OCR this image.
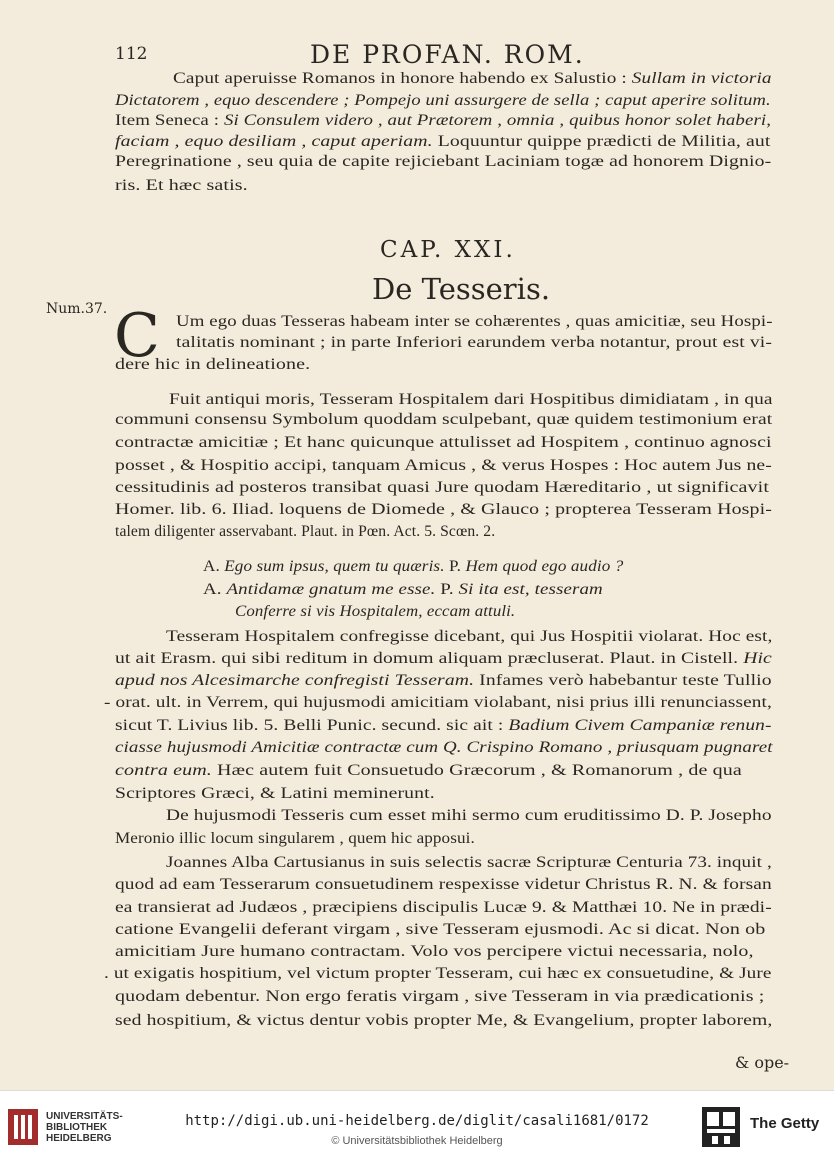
112	DE PROFAN. ROM.
Caput aperuisse Romanos in honore habendo ex Salustio : Sullam in victoria
Dictatorem , equo descendere ; Pompejo uni assurgere de sella ; caput aperire solitum.
Item Seneca : Si Consulem videro , aut Prætorem , omnia , quibus honor solet haberi,
faciam , equo desiliam , caput aperiam. Loquuntur quippe prædicti de Militia, aut
Peregrinatione , seu quia de capite rejiciebant Laciniam togæ ad honorem Dignio-
ris. Et hæc satis.
Um ego duas Tesseras habeam inter se cohærentes , quas amicitiæ, seu Hospi-
talitatis nominant ; in parte Inferiori earundem verba notantur, prout est vi-
dere hic in delineatione.
Fuit antiqui moris, Tesseram Hospitalem dari Hospitibus dimidiatam , in qua
communi consensu Symbolum quoddam sculpebant, quæ quidem testimonium erat
contractæ amicitiæ ; Et hanc quicunque attulisset ad Hospitem , continuo agnosci
posset , & Hospitio accipi, tanquam Amicus , & verus Hospes : Hoc autem Jus ne-
cessitudinis ad posteros transibat quasi Jure quodam Hæreditario , ut significavit
Homer. lib. 6. Iliad. loquens de Diomede , & Glauco ; propterea Tesseram Hospi-
talem diligenter asservabant. Plaut. in Pœn. Act. 5. Scœn. 2.
A. Ego sum ipsus, quem tu quæris. P. Hem quod ego audio ?
A. Antidamæ gnatum me esse. P. Si ita est, tesseram
Conferre si vis Hospitalem, eccam attuli.
Tesseram Hospitalem confregisse dicebant, qui Jus Hospitii violarat. Hoc est,
ut ait Erasm. qui sibi reditum in domum aliquam præcluserat. Plaut. in Cistell. Hic
apud nos Alcesimarche confregisti Tesseram. Infames verò habebantur teste Tullio
- orat. ult. in Verrem, qui hujusmodi amicitiam violabant, nisi prius illi renunciassent,
sicut T. Livius lib. 5. Belli Punic. secund. sic ait : Badium Civem Campaniæ renun-
ciasse hujusmodi Amicitiæ contractæ cum Q. Crispino Romano , priusquam pugnaret
contra eum. Hæc autem fuit Consuetudo Græcorum , & Romanorum , de qua
Scriptores Græci, & Latini meminerunt.
De hujusmodi Tesseris cum esset mihi sermo cum eruditissimo D. P. Josepho
Meronio illic locum singularem , quem hic apposui.
Joannes Alba Cartusianus in suis selectis sacræ Scripturæ Centuria 73. inquit ,
quod ad eam Tesserarum consuetudinem respexisse videtur Christus R. N. & forsan
ea transierat ad Judæos , præcipiens discipulis Lucæ 9. & Matthæi 10. Ne in prædi-
catione Evangelii deferant virgam , sive Tesseram ejusmodi. Ac si dicat. Non ob
amicitiam Jure humano contractam. Volo vos percipere victui necessaria, nolo,
. ut exigatis hospitium, vel victum propter Tesseram, cui hæc ex consuetudine, & Jure
quodam debentur. Non ergo feratis virgam , sive Tesseram in via prædicationis ;
sed hospitium, & victus dentur vobis propter Me, & Evangelium, propter laborem,
CAP. XXI.
De Tesseris.
Num.37. C
& ope-
UNIVERSITÄTS-
BIBLIOTHEK
HEIDELBERG
http://digi.ub.uni-heidelberg.de/diglit/casali1681/0172
© Universitätsbibliothek Heidelberg
The Getty
